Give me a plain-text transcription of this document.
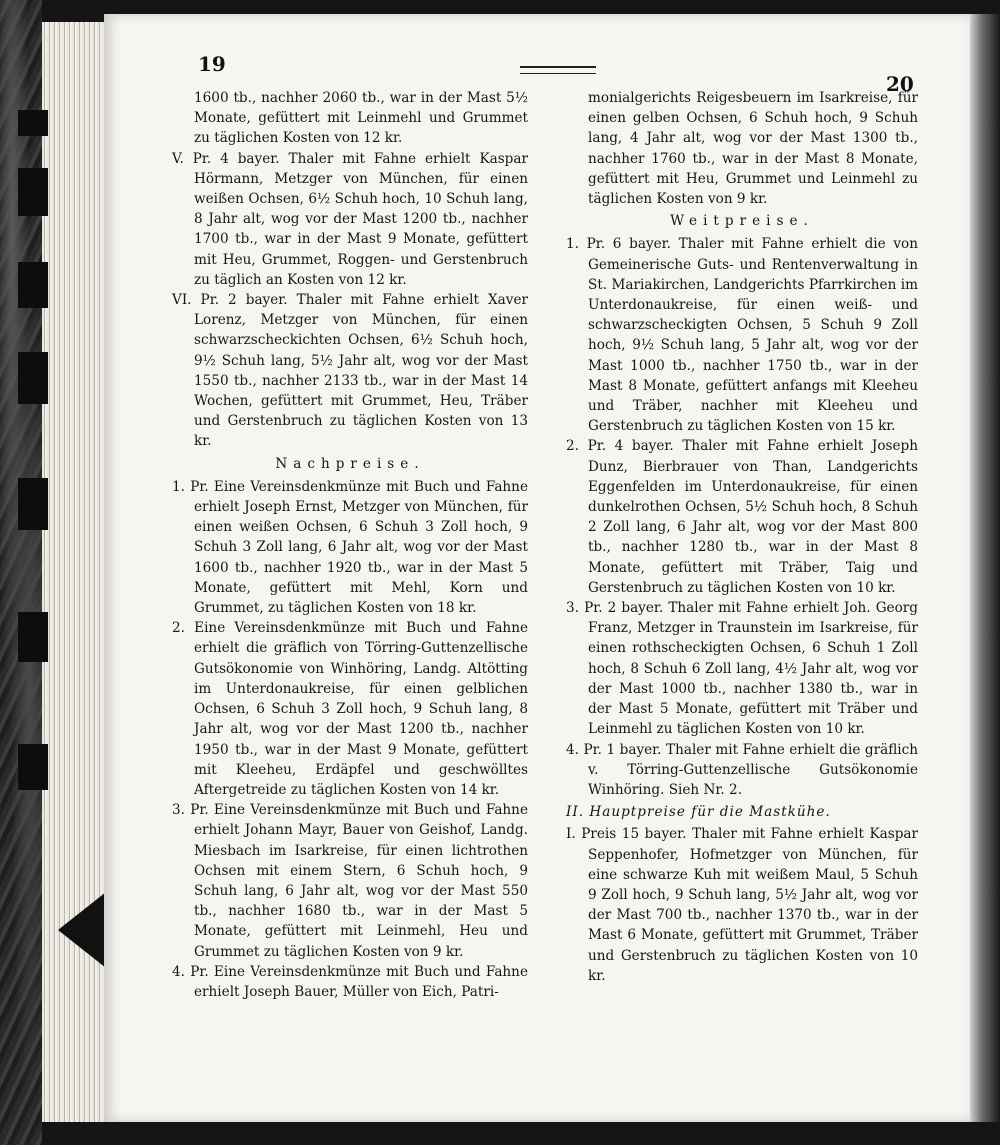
19
20

1600 tb., nachher 2060 tb., war in der Mast 5½ Monate, gefüttert mit Leinmehl und Grummet zu täglichen Kosten von 12 kr.

V. Pr. 4 bayer. Thaler mit Fahne erhielt Kaspar Hörmann, Metzger von München, für einen weißen Ochsen, 6½ Schuh hoch, 10 Schuh lang, 8 Jahr alt, wog vor der Mast 1200 tb., nachher 1700 tb., war in der Mast 9 Monate, gefüttert mit Heu, Grummet, Roggen- und Gerstenbruch zu täglich an Kosten von 12 kr.

VI. Pr. 2 bayer. Thaler mit Fahne erhielt Xaver Lorenz, Metzger von München, für einen schwarzscheckichten Ochsen, 6½ Schuh hoch, 9½ Schuh lang, 5½ Jahr alt, wog vor der Mast 1550 tb., nachher 2133 tb., war in der Mast 14 Wochen, gefüttert mit Grummet, Heu, Träber und Gerstenbruch zu täglichen Kosten von 13 kr.

Nachpreise.

1. Pr. Eine Vereinsdenkmünze mit Buch und Fahne erhielt Joseph Ernst, Metzger von München, für einen weißen Ochsen, 6 Schuh 3 Zoll hoch, 9 Schuh 3 Zoll lang, 6 Jahr alt, wog vor der Mast 1600 tb., nachher 1920 tb., war in der Mast 5 Monate, gefüttert mit Mehl, Korn und Grummet, zu täglichen Kosten von 18 kr.

2. Eine Vereinsdenkmünze mit Buch und Fahne erhielt die gräflich von Törring-Guttenzellische Gutsökonomie von Winhöring, Landg. Altötting im Unterdonaukreise, für einen gelblichen Ochsen, 6 Schuh 3 Zoll hoch, 9 Schuh lang, 8 Jahr alt, wog vor der Mast 1200 tb., nachher 1950 tb., war in der Mast 9 Monate, gefüttert mit Kleeheu, Erdäpfel und geschwölltes Aftergetreide zu täglichen Kosten von 14 kr.

3. Pr. Eine Vereinsdenkmünze mit Buch und Fahne erhielt Johann Mayr, Bauer von Geishof, Landg. Miesbach im Isarkreise, für einen lichtrothen Ochsen mit einem Stern, 6 Schuh hoch, 9 Schuh lang, 6 Jahr alt, wog vor der Mast 550 tb., nachher 1680 tb., war in der Mast 5 Monate, gefüttert mit Leinmehl, Heu und Grummet zu täglichen Kosten von 9 kr.

4. Pr. Eine Vereinsdenkmünze mit Buch und Fahne erhielt Joseph Bauer, Müller von Eich, Patri-

monialgerichts Reigesbeuern im Isarkreise, für einen gelben Ochsen, 6 Schuh hoch, 9 Schuh lang, 4 Jahr alt, wog vor der Mast 1300 tb., nachher 1760 tb., war in der Mast 8 Monate, gefüttert mit Heu, Grummet und Leinmehl zu täglichen Kosten von 9 kr.

Weitpreise.

1. Pr. 6 bayer. Thaler mit Fahne erhielt die von Gemeinerische Guts- und Rentenverwaltung in St. Mariakirchen, Landgerichts Pfarrkirchen im Unterdonaukreise, für einen weiß- und schwarzscheckigten Ochsen, 5 Schuh 9 Zoll hoch, 9½ Schuh lang, 5 Jahr alt, wog vor der Mast 1000 tb., nachher 1750 tb., war in der Mast 8 Monate, gefüttert anfangs mit Kleeheu und Träber, nachher mit Kleeheu und Gerstenbruch zu täglichen Kosten von 15 kr.

2. Pr. 4 bayer. Thaler mit Fahne erhielt Joseph Dunz, Bierbrauer von Than, Landgerichts Eggenfelden im Unterdonaukreise, für einen dunkelrothen Ochsen, 5½ Schuh hoch, 8 Schuh 2 Zoll lang, 6 Jahr alt, wog vor der Mast 800 tb., nachher 1280 tb., war in der Mast 8 Monate, gefüttert mit Träber, Taig und Gerstenbruch zu täglichen Kosten von 10 kr.

3. Pr. 2 bayer. Thaler mit Fahne erhielt Joh. Georg Franz, Metzger in Traunstein im Isarkreise, für einen rothscheckigten Ochsen, 6 Schuh 1 Zoll hoch, 8 Schuh 6 Zoll lang, 4½ Jahr alt, wog vor der Mast 1000 tb., nachher 1380 tb., war in der Mast 5 Monate, gefüttert mit Träber und Leinmehl zu täglichen Kosten von 10 kr.

4. Pr. 1 bayer. Thaler mit Fahne erhielt die gräflich v. Törring-Guttenzellische Gutsökonomie Winhöring. Sieh Nr. 2.

II. Hauptpreise für die Mastkühe.

I. Preis 15 bayer. Thaler mit Fahne erhielt Kaspar Seppenhofer, Hofmetzger von München, für eine schwarze Kuh mit weißem Maul, 5 Schuh 9 Zoll hoch, 9 Schuh lang, 5½ Jahr alt, wog vor der Mast 700 tb., nachher 1370 tb., war in der Mast 6 Monate, gefüttert mit Grummet, Träber und Gerstenbruch zu täglichen Kosten von 10 kr.
